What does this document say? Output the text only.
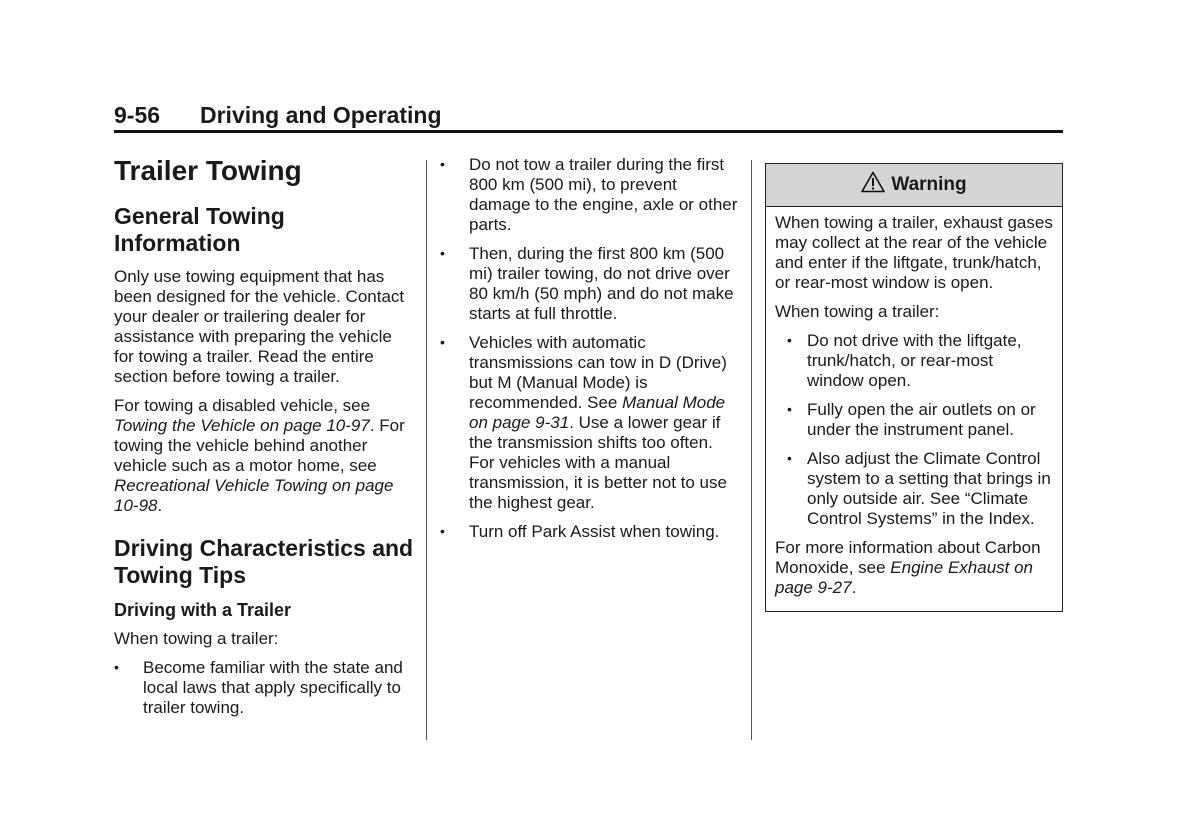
9-56 Driving and Operating
Trailer Towing
General Towing Information

Only use towing equipment that has been designed for the vehicle. Contact your dealer or trailering dealer for assistance with preparing the vehicle for towing a trailer. Read the entire section before towing a trailer.

For towing a disabled vehicle, see Towing the Vehicle on page 10-97. For towing the vehicle behind another vehicle such as a motor home, see Recreational Vehicle Towing on page 10-98.

Driving Characteristics and Towing Tips
Driving with a Trailer

When towing a trailer:

• Become familiar with the state and local laws that apply specifically to trailer towing.
• Do not tow a trailer during the first 800 km (500 mi), to prevent damage to the engine, axle or other parts.
• Then, during the first 800 km (500 mi) trailer towing, do not drive over 80 km/h (50 mph) and do not make starts at full throttle.
• Vehicles with automatic transmissions can tow in D (Drive) but M (Manual Mode) is recommended. See Manual Mode on page 9-31. Use a lower gear if the transmission shifts too often. For vehicles with a manual transmission, it is better not to use the highest gear.
• Turn off Park Assist when towing.
Warning

When towing a trailer, exhaust gases may collect at the rear of the vehicle and enter if the liftgate, trunk/hatch, or rear-most window is open.

When towing a trailer:

• Do not drive with the liftgate, trunk/hatch, or rear-most window open.
• Fully open the air outlets on or under the instrument panel.
• Also adjust the Climate Control system to a setting that brings in only outside air. See “Climate Control Systems” in the Index.

For more information about Carbon Monoxide, see Engine Exhaust on page 9-27.
